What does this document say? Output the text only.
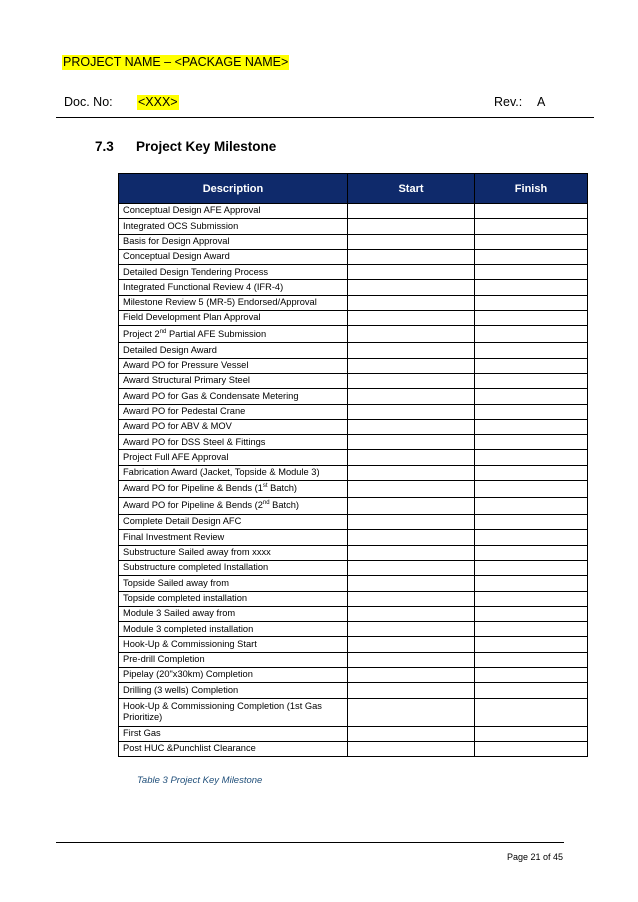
PROJECT NAME – <PACKAGE NAME>
Doc. No: <XXX>	Rev.: A
7.3 Project Key Milestone
Description	Start	Finish
Conceptual Design AFE Approval		
Integrated OCS Submission		
Basis for Design Approval		
Conceptual Design Award		
Detailed Design Tendering Process		
Integrated Functional Review 4 (IFR-4)		
Milestone Review 5 (MR-5) Endorsed/Approval		
Field Development Plan Approval		
Project 2nd Partial AFE Submission		
Detailed Design Award		
Award PO for Pressure Vessel		
Award Structural Primary Steel		
Award PO for Gas & Condensate Metering		
Award PO for Pedestal Crane		
Award PO for ABV & MOV		
Award PO for DSS Steel & Fittings		
Project Full AFE Approval		
Fabrication Award (Jacket, Topside & Module 3)		
Award PO for Pipeline & Bends (1st Batch)		
Award PO for Pipeline & Bends (2nd Batch)		
Complete Detail Design AFC		
Final Investment Review		
Substructure Sailed away from xxxx		
Substructure completed Installation		
Topside Sailed away from		
Topside completed installation		
Module 3 Sailed away from		
Module 3 completed installation		
Hook-Up & Commissioning Start		
Pre-drill Completion		
Pipelay (20"x30km) Completion		
Drilling (3 wells) Completion		
Hook-Up & Commissioning Completion (1st Gas Prioritize)		
First Gas		
Post HUC &Punchlist Clearance		
Table 3 Project Key Milestone
Page 21 of 45
